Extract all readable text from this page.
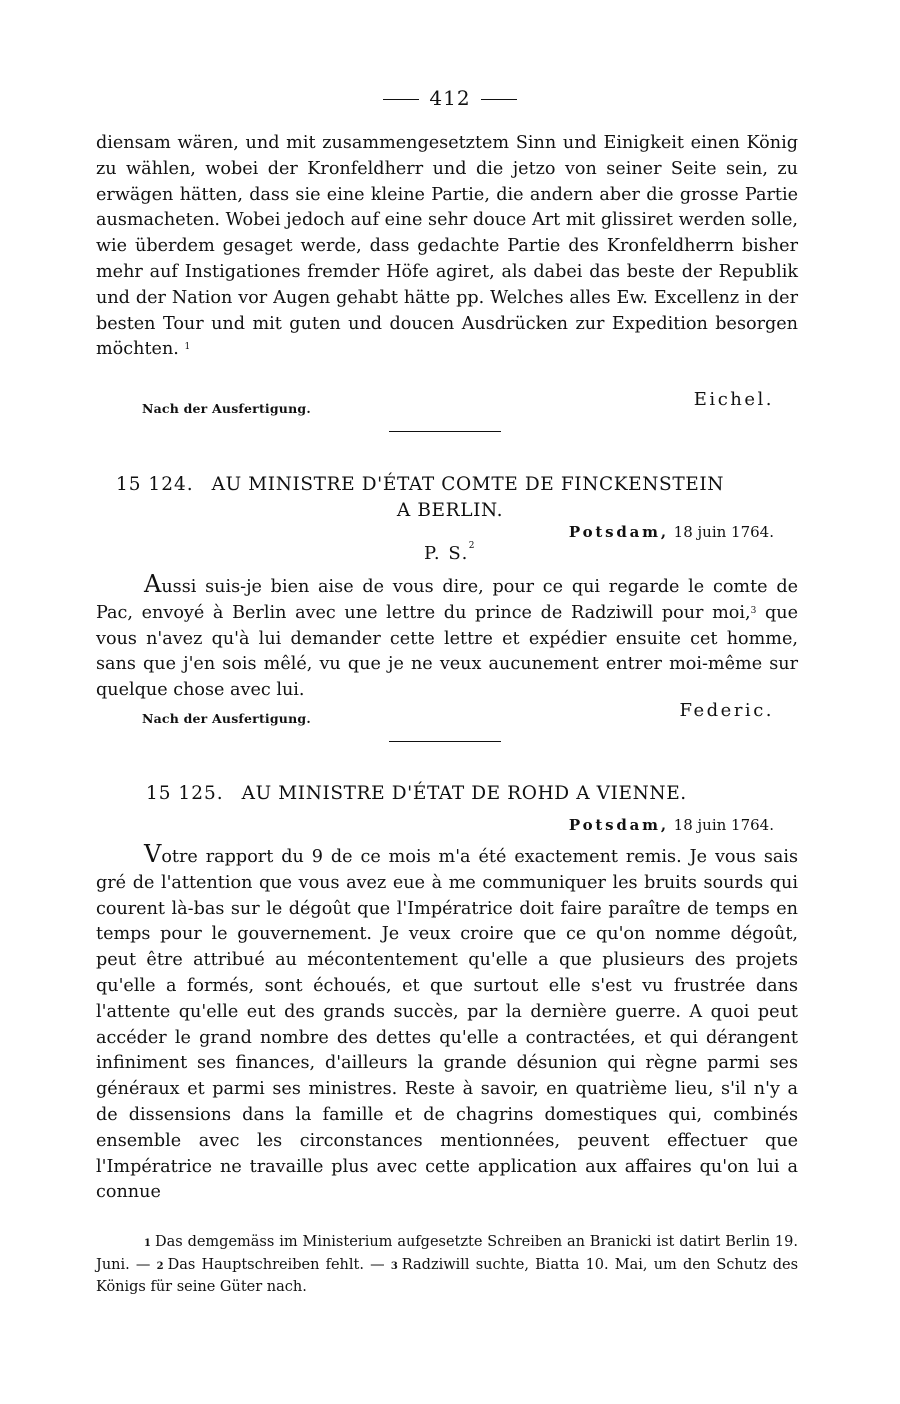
412

diensam wären, und mit zusammengesetztem Sinn und Einigkeit einen König zu wählen, wobei der Kronfeldherr und die jetzo von seiner Seite sein, zu erwägen hätten, dass sie eine kleine Partie, die andern aber die grosse Partie ausmacheten. Wobei jedoch auf eine sehr douce Art mit glissiret werden solle, wie überdem gesaget werde, dass gedachte Partie des Kronfeldherrn bisher mehr auf Instigationes fremder Höfe agiret, als dabei das beste der Republik und der Nation vor Augen gehabt hätte pp. Welches alles Ew. Excellenz in der besten Tour und mit guten und doucen Ausdrücken zur Expedition besorgen möchten. $^1$

Nach der Ausfertigung.	Eichel.
15 124. AU MINISTRE D'ÉTAT COMTE DE FINCKENSTEIN
A BERLIN.
Potsdam, 18 juin 1764.
P. S.$^2$

Aussi suis-je bien aise de vous dire, pour ce qui regarde le comte de Pac, envoyé à Berlin avec une lettre du prince de Radziwill pour moi,$^3$ que vous n'avez qu'à lui demander cette lettre et expédier ensuite cet homme, sans que j'en sois mêlé, vu que je ne veux aucunement entrer moi-même sur quelque chose avec lui.

Nach der Ausfertigung.	Federic.
15 125. AU MINISTRE D'ÉTAT DE ROHD A VIENNE.
Potsdam, 18 juin 1764.

Votre rapport du 9 de ce mois m'a été exactement remis. Je vous sais gré de l'attention que vous avez eue à me communiquer les bruits sourds qui courent là-bas sur le dégoût que l'Impératrice doit faire paraître de temps en temps pour le gouvernement. Je veux croire que ce qu'on nomme dégoût, peut être attribué au mécontentement qu'elle a que plusieurs des projets qu'elle a formés, sont échoués, et que surtout elle s'est vu frustrée dans l'attente qu'elle eut des grands succès, par la dernière guerre. A quoi peut accéder le grand nombre des dettes qu'elle a contractées, et qui dérangent infiniment ses finances, d'ailleurs la grande désunion qui règne parmi ses généraux et parmi ses ministres. Reste à savoir, en quatrième lieu, s'il n'y a de dissensions dans la famille et de chagrins domestiques qui, combinés ensemble avec les circonstances mentionnées, peuvent effectuer que l'Impératrice ne travaille plus avec cette application aux affaires qu'on lui a connue

1 Das demgemäss im Ministerium aufgesetzte Schreiben an Branicki ist datirt Berlin 19. Juni. — 2 Das Hauptschreiben fehlt. — 3 Radziwill suchte, Biatta 10. Mai, um den Schutz des Königs für seine Güter nach.
